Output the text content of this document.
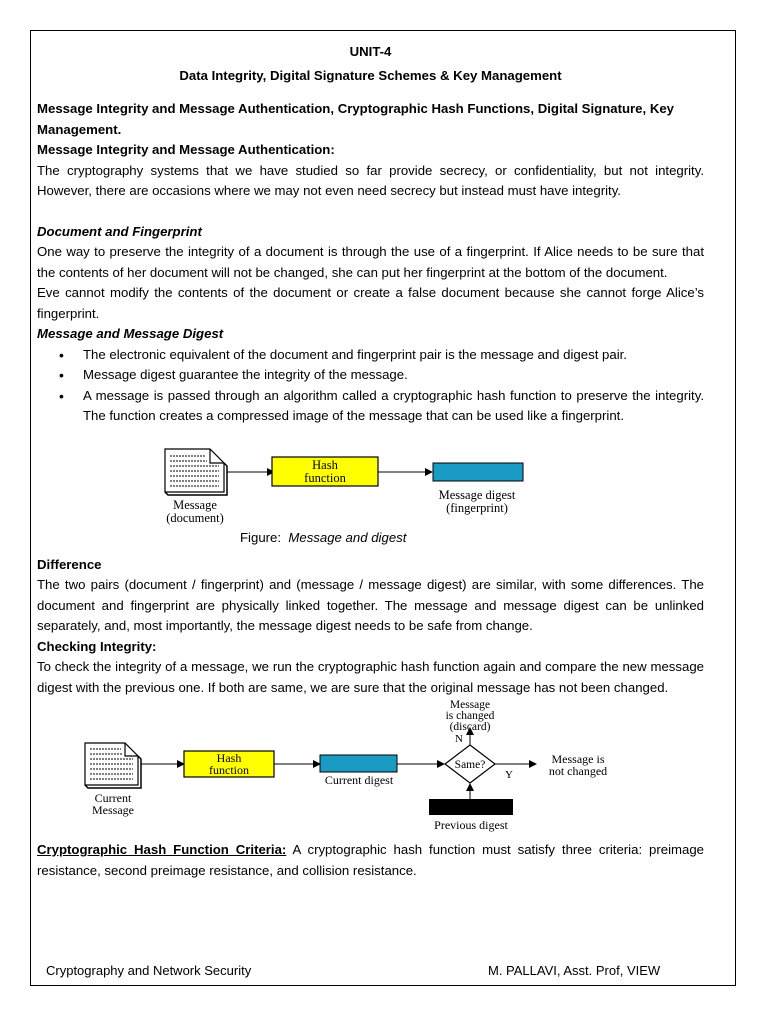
UNIT-4

Data Integrity, Digital Signature Schemes & Key Management

Message Integrity and Message Authentication, Cryptographic Hash Functions, Digital Signature, Key Management.

Message Integrity and Message Authentication:

The cryptography systems that we have studied so far provide secrecy, or confidentiality, but not integrity. However, there are occasions where we may not even need secrecy but instead must have integrity.

Document and Fingerprint

One way to preserve the integrity of a document is through the use of a fingerprint. If Alice needs to be sure that the contents of her document will not be changed, she can put her fingerprint at the bottom of the document.

Eve cannot modify the contents of the document or create a false document because she cannot forge Alice’s fingerprint.

Message and Message Digest

• The electronic equivalent of the document and fingerprint pair is the message and digest pair.
• Message digest guarantee the integrity of the message.
• A message is passed through an algorithm called a cryptographic hash function to preserve the integrity. The function creates a compressed image of the message that can be used like a fingerprint.
Message
(document)
Hash
function
Message digest
(fingerprint)
Figure: Message and digest

Difference

The two pairs (document / fingerprint) and (message / message digest) are similar, with some differences. The document and fingerprint are physically linked together. The message and message digest can be unlinked separately, and, most importantly, the message digest needs to be safe from change.

Checking Integrity:

To check the integrity of a message, we run the cryptographic hash function again and compare the new message digest with the previous one. If both are same, we are sure that the original message has not been changed.

Current
Message
Hash
function
Current digest
Same?
N
Message
is changed
(discard)
Y
Message is
not changed
Previous digest

Cryptographic Hash Function Criteria: A cryptographic hash function must satisfy three criteria: preimage resistance, second preimage resistance, and collision resistance.

Cryptography and Network Security	M. PALLAVI, Asst. Prof, VIEW
